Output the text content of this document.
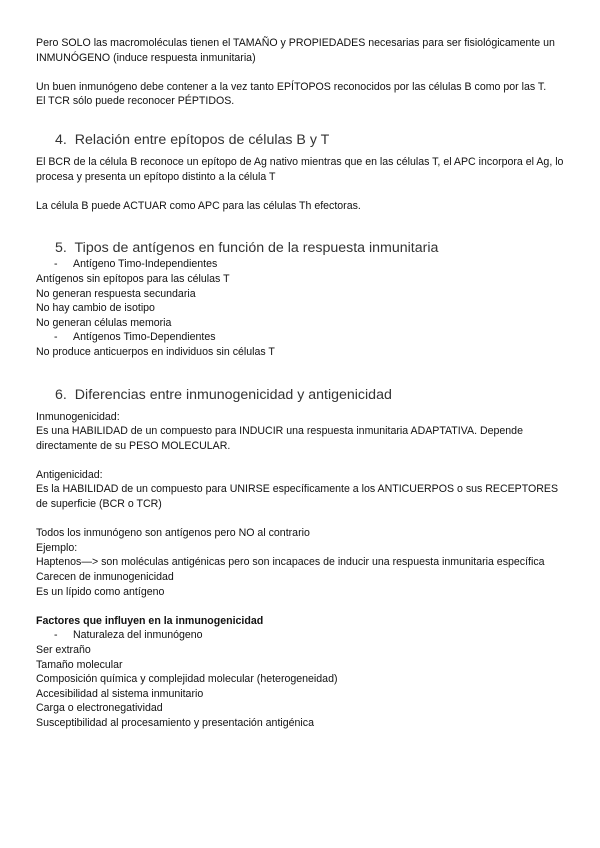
Pero SOLO las macromoléculas tienen el TAMAÑO y PROPIEDADES necesarias para ser fisiológicamente un INMUNÓGENO (induce respuesta inmunitaria)

Un buen inmunógeno debe contener a la vez tanto EPÍTOPOS reconocidos por las células B como por las T.

El TCR sólo puede reconocer PÉPTIDOS.

4. Relación entre epítopos de células B y T

El BCR de la célula B reconoce un epítopo de Ag nativo mientras que en las células T, el APC incorpora el Ag, lo procesa y presenta un epítopo distinto a la célula T

La célula B puede ACTUAR como APC para las células Th efectoras.

5. Tipos de antígenos en función de la respuesta inmunitaria

- Antígeno Timo-Independientes

Antígenos sin epítopos para las células T

No generan respuesta secundaria

No hay cambio de isotipo

No generan células memoria

- Antígenos Timo-Dependientes

No produce anticuerpos en individuos sin células T

6. Diferencias entre inmunogenicidad y antigenicidad

Inmunogenicidad:

Es una HABILIDAD de un compuesto para INDUCIR una respuesta inmunitaria ADAPTATIVA. Depende directamente de su PESO MOLECULAR.

Antigenicidad:

Es la HABILIDAD de un compuesto para UNIRSE específicamente a los ANTICUERPOS o sus RECEPTORES de superficie (BCR o TCR)

Todos los inmunógeno son antígenos pero NO al contrario

Ejemplo:

Haptenos—> son moléculas antigénicas pero son incapaces de inducir una respuesta inmunitaria específica

Carecen de inmunogenicidad

Es un lípido como antígeno

Factores que influyen en la inmunogenicidad

- Naturaleza del inmunógeno

Ser extraño

Tamaño molecular

Composición química y complejidad molecular (heterogeneidad)

Accesibilidad al sistema inmunitario

Carga o electronegatividad

Susceptibilidad al procesamiento y presentación antigénica
